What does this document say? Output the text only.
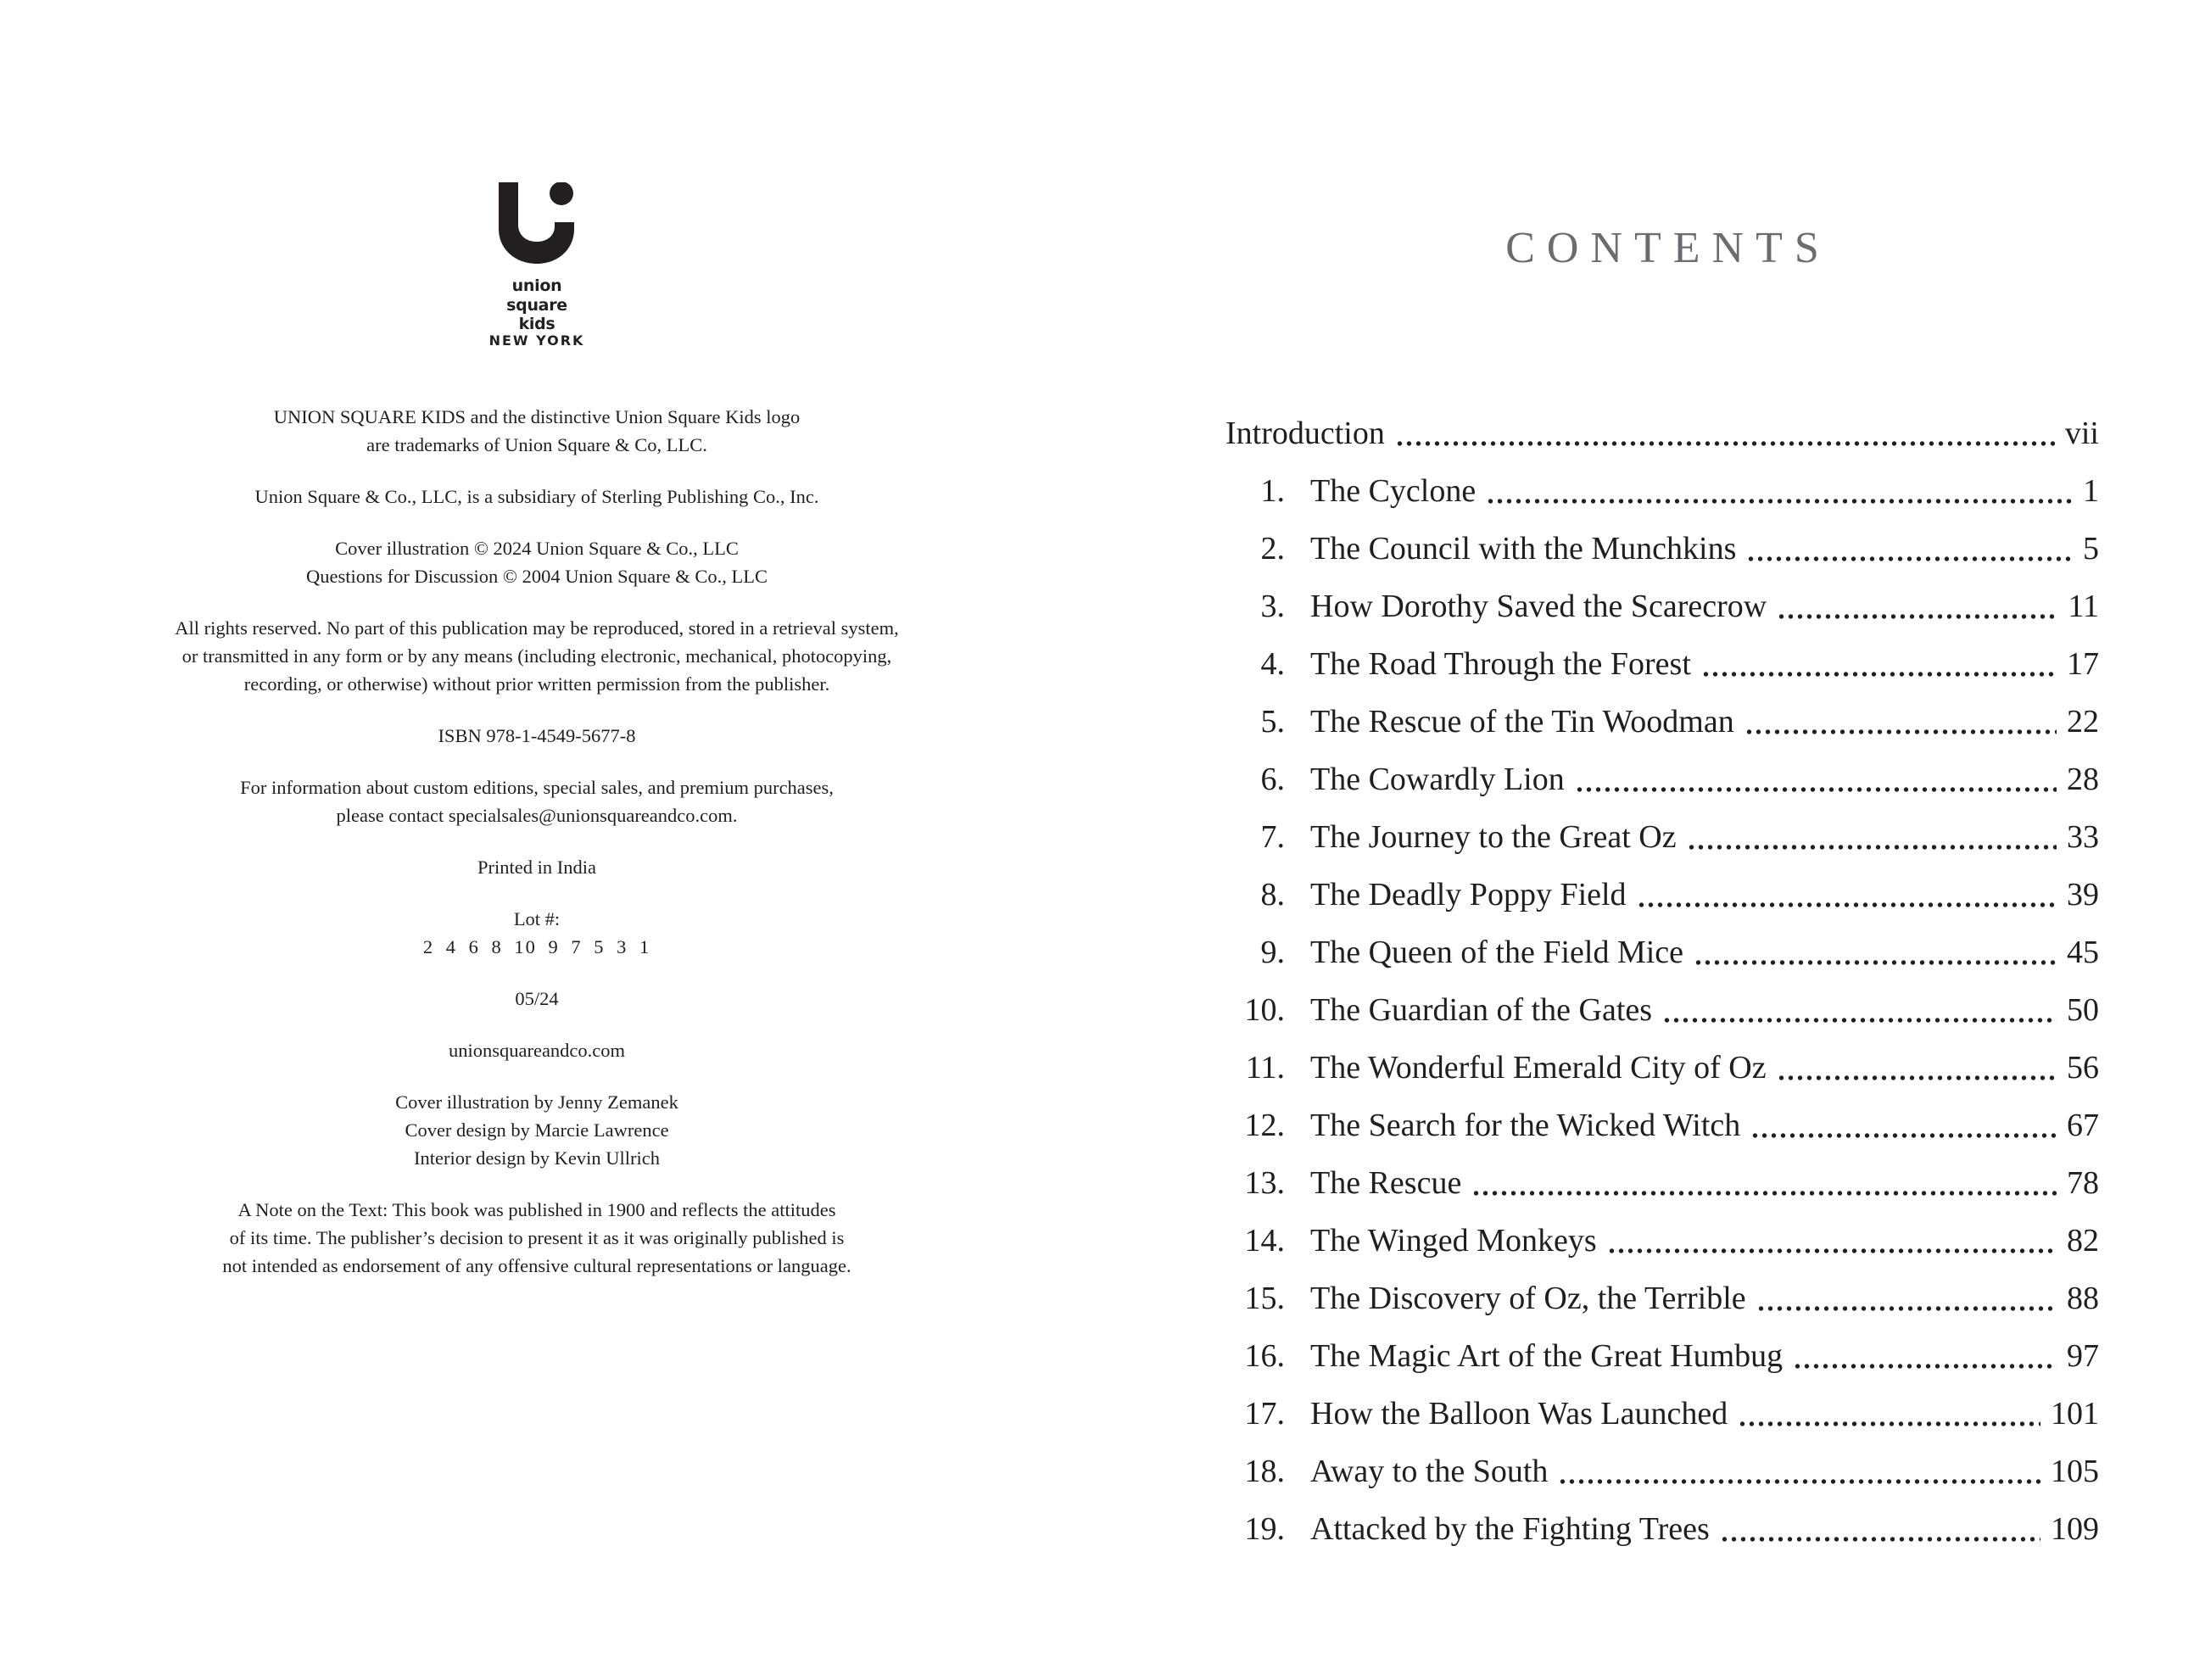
union
square
kids
NEW YORK
UNION SQUARE KIDS and the distinctive Union Square Kids logo
are trademarks of Union Square & Co, LLC.
Union Square & Co., LLC, is a subsidiary of Sterling Publishing Co., Inc.
Cover illustration © 2024 Union Square & Co., LLC
Questions for Discussion © 2004 Union Square & Co., LLC
All rights reserved. No part of this publication may be reproduced, stored in a retrieval system,
or transmitted in any form or by any means (including electronic, mechanical, photocopying,
recording, or otherwise) without prior written permission from the publisher.
ISBN 978-1-4549-5677-8
For information about custom editions, special sales, and premium purchases,
please contact specialsales@unionsquareandco.com.
Printed in India
Lot #:
2 4 6 8 10 9 7 5 3 1
05/24
unionsquareandco.com
Cover illustration by Jenny Zemanek
Cover design by Marcie Lawrence
Interior design by Kevin Ullrich
A Note on the Text: This book was published in 1900 and reflects the attitudes
of its time. The publisher’s decision to present it as it was originally published is
not intended as endorsement of any offensive cultural representations or language.
CONTENTS
Introduction	vii
1. The Cyclone	1
2. The Council with the Munchkins	5
3. How Dorothy Saved the Scarecrow	11
4. The Road Through the Forest	17
5. The Rescue of the Tin Woodman	22
6. The Cowardly Lion	28
7. The Journey to the Great Oz	33
8. The Deadly Poppy Field	39
9. The Queen of the Field Mice	45
10. The Guardian of the Gates	50
11. The Wonderful Emerald City of Oz	56
12. The Search for the Wicked Witch	67
13. The Rescue	78
14. The Winged Monkeys	82
15. The Discovery of Oz, the Terrible	88
16. The Magic Art of the Great Humbug	97
17. How the Balloon Was Launched	101
18. Away to the South	105
19. Attacked by the Fighting Trees	109
